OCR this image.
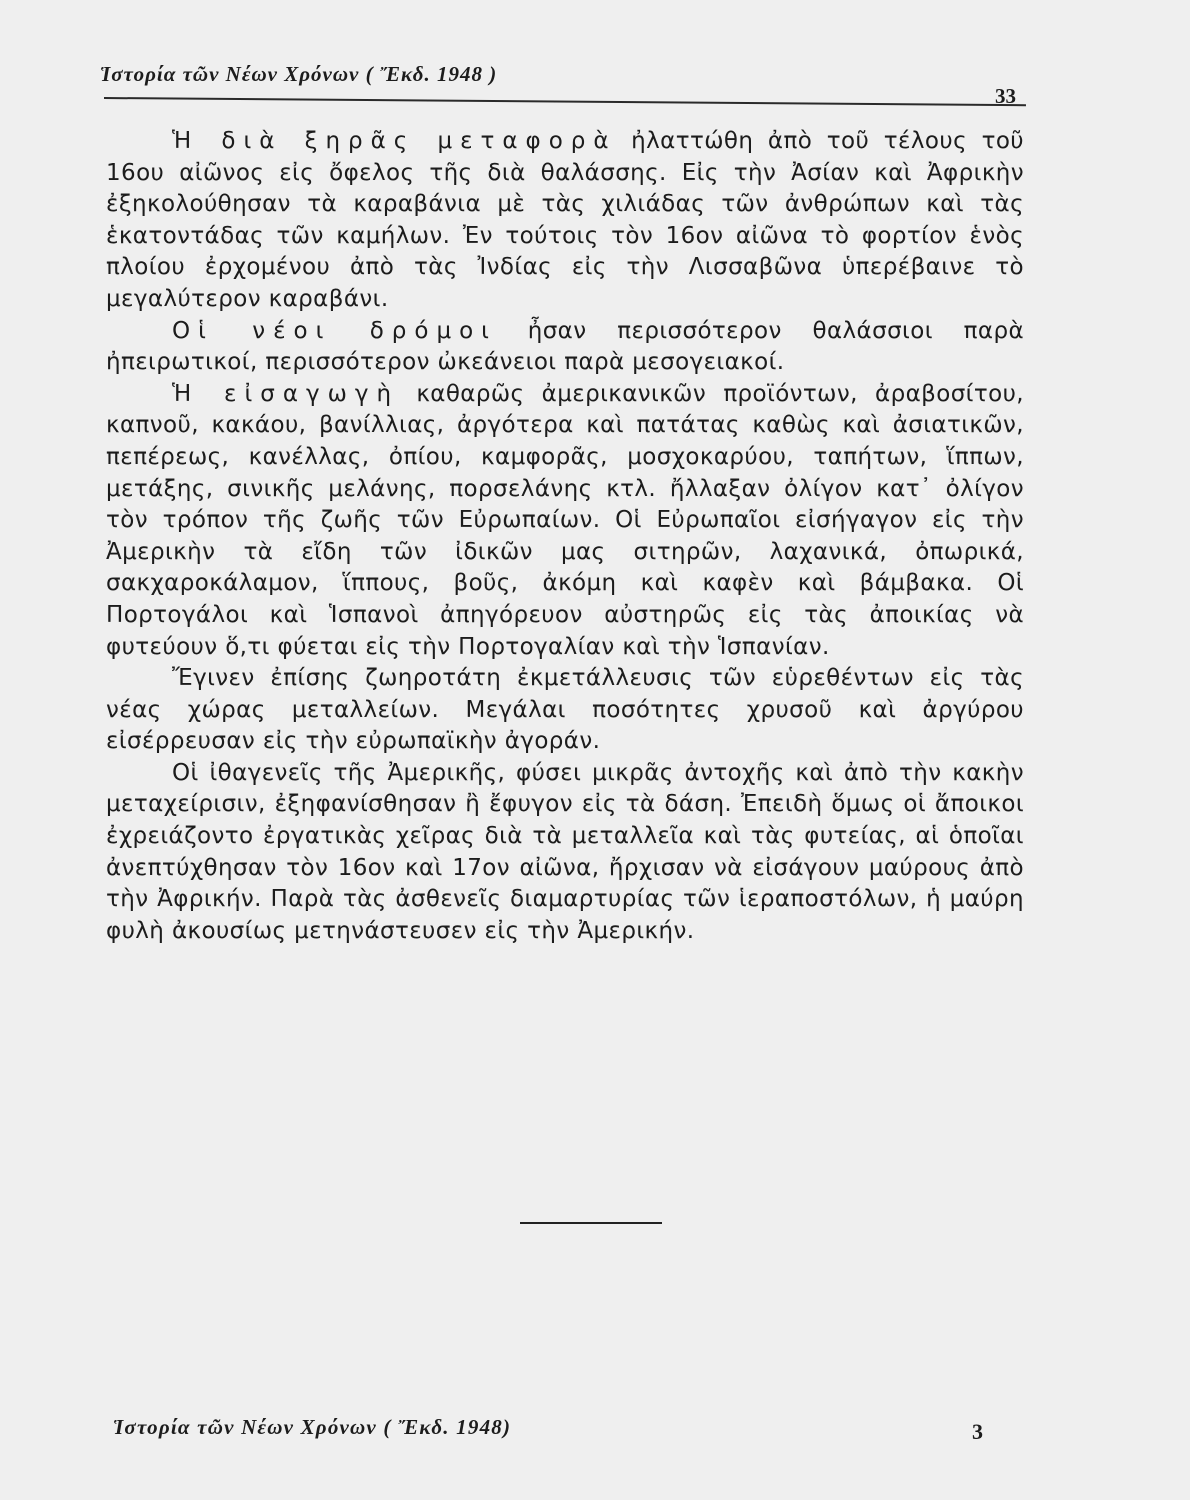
Ἱστορία τῶν Νέων Χρόνων ( Ἔκδ. 1948 )
33

Ἡ διὰ ξηρᾶς μεταφορὰ ἠλαττώθη ἀπὸ τοῦ τέλους τοῦ 16ου αἰῶνος εἰς ὄφελος τῆς διὰ θαλάσσης. Εἰς τὴν Ἀσίαν καὶ Ἀφρικὴν ἐξηκολούθησαν τὰ καραβάνια μὲ τὰς χιλιάδας τῶν ἀνθρώπων καὶ τὰς ἑκατοντάδας τῶν καμήλων. Ἐν τούτοις τὸν 16ον αἰῶνα τὸ φορτίον ἑνὸς πλοίου ἐρχομένου ἀπὸ τὰς Ἰνδίας εἰς τὴν Λισσαβῶνα ὑπερέβαινε τὸ μεγαλύτερον καραβάνι.

Οἱ νέοι δρόμοι ἦσαν περισσότερον θαλάσσιοι παρὰ ἠπειρωτικοί, περισσότερον ὠκεάνειοι παρὰ μεσογειακοί.

Ἡ εἰσαγωγὴ καθαρῶς ἀμερικανικῶν προϊόντων, ἀραβοσίτου, καπνοῦ, κακάου, βανίλλιας, ἀργότερα καὶ πατάτας καθὼς καὶ ἀσιατικῶν, πεπέρεως, κανέλλας, ὀπίου, καμφορᾶς, μοσχοκαρύου, ταπήτων, ἵππων, μετάξης, σινικῆς μελάνης, πορσελάνης κτλ. ἤλλαξαν ὀλίγον κατ᾽ ὀλίγον τὸν τρόπον τῆς ζωῆς τῶν Εὐρωπαίων. Οἱ Εὐρωπαῖοι εἰσήγαγον εἰς τὴν Ἀμερικὴν τὰ εἴδη τῶν ἰδικῶν μας σιτηρῶν, λαχανικά, ὀπωρικά, σακχαροκάλαμον, ἵππους, βοῦς, ἀκόμη καὶ καφὲν καὶ βάμβακα. Οἱ Πορτογάλοι καὶ Ἱσπανοὶ ἀπηγόρευον αὐστηρῶς εἰς τὰς ἀποικίας νὰ φυτεύουν ὅ,τι φύεται εἰς τὴν Πορτογαλίαν καὶ τὴν Ἱσπανίαν.

Ἔγινεν ἐπίσης ζωηροτάτη ἐκμετάλλευσις τῶν εὑρεθέντων εἰς τὰς νέας χώρας μεταλλείων. Μεγάλαι ποσότητες χρυσοῦ καὶ ἀργύρου εἰσέρρευσαν εἰς τὴν εὐρωπαϊκὴν ἀγοράν.

Οἱ ἰθαγενεῖς τῆς Ἀμερικῆς, φύσει μικρᾶς ἀντοχῆς καὶ ἀπὸ τὴν κακὴν μεταχείρισιν, ἐξηφανίσθησαν ἢ ἔφυγον εἰς τὰ δάση. Ἐπειδὴ ὅμως οἱ ἄποικοι ἐχρειάζοντο ἐργατικὰς χεῖρας διὰ τὰ μεταλλεῖα καὶ τὰς φυτείας, αἱ ὁποῖαι ἀνεπτύχθησαν τὸν 16ον καὶ 17ον αἰῶνα, ἤρχισαν νὰ εἰσάγουν μαύρους ἀπὸ τὴν Ἀφρικήν. Παρὰ τὰς ἀσθενεῖς διαμαρτυρίας τῶν ἱεραποστόλων, ἡ μαύρη φυλὴ ἀκουσίως μετηνάστευσεν εἰς τὴν Ἀμερικήν.

Ἱστορία τῶν Νέων Χρόνων ( Ἔκδ. 1948)	3
